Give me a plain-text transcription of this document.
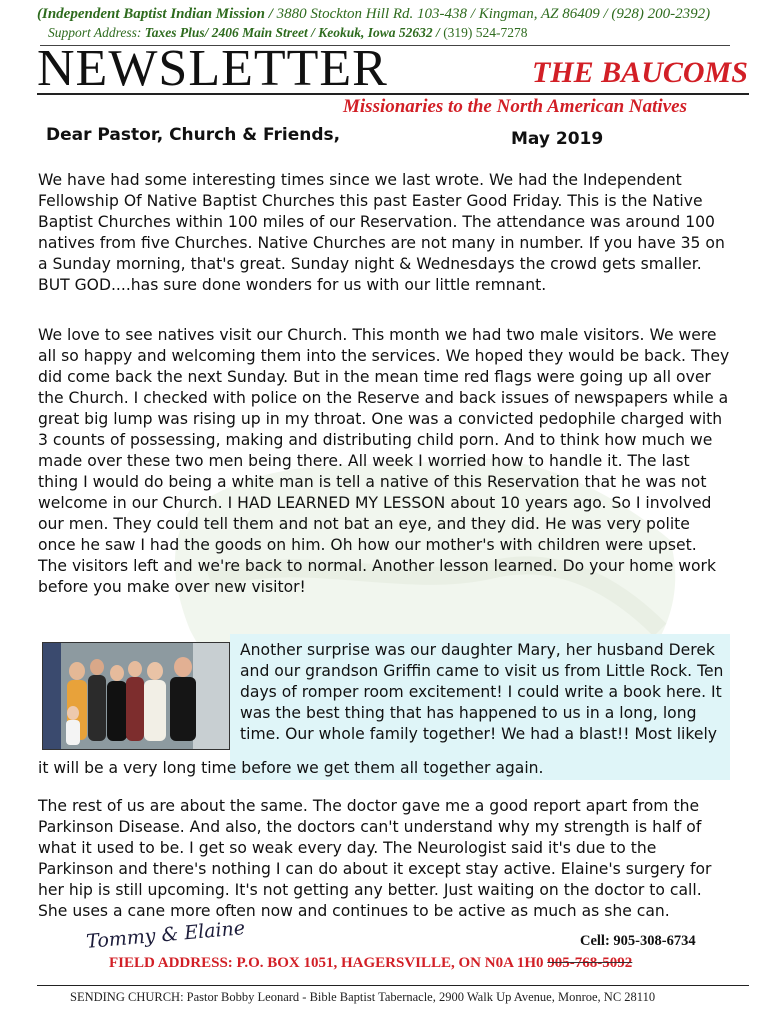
(Independent Baptist Indian Mission / 3880 Stockton Hill Rd. 103-438 / Kingman, AZ 86409 / (928) 200-2392)
Support Address: Taxes Plus/ 2406 Main Street / Keokuk, Iowa 52632 / (319) 524-7278
NEWSLETTER	THE BAUCOMS
Missionaries to the North American Natives
Dear Pastor, Church & Friends,	May 2019
We have had some interesting times since we last wrote. We had the Independent
Fellowship Of Native Baptist Churches this past Easter Good Friday. This is the Native
Baptist Churches within 100 miles of our Reservation. The attendance was around 100
natives from five Churches. Native Churches are not many in number. If you have 35 on
a Sunday morning, that's great. Sunday night & Wednesdays the crowd gets smaller.
BUT GOD....has sure done wonders for us with our little remnant.
We love to see natives visit our Church. This month we had two male visitors. We were
all so happy and welcoming them into the services. We hoped they would be back. They
did come back the next Sunday. But in the mean time red flags were going up all over
the Church. I checked with police on the Reserve and back issues of newspapers while a
great big lump was rising up in my throat. One was a convicted pedophile charged with
3 counts of possessing, making and distributing child porn. And to think how much we
made over these two men being there. All week I worried how to handle it. The last
thing I would do being a white man is tell a native of this Reservation that he was not
welcome in our Church. I HAD LEARNED MY LESSON about 10 years ago. So I involved
our men. They could tell them and not bat an eye, and they did. He was very polite
once he saw I had the goods on him. Oh how our mother's with children were upset.
The visitors left and we're back to normal. Another lesson learned. Do your home work
before you make over new visitor!
Another surprise was our daughter Mary, her husband Derek
and our grandson Griffin came to visit us from Little Rock. Ten
days of romper room excitement! I could write a book here. It
was the best thing that has happened to us in a long, long
time. Our whole family together! We had a blast!! Most likely
it will be a very long time before we get them all together again.
The rest of us are about the same. The doctor gave me a good report apart from the
Parkinson Disease. And also, the doctors can't understand why my strength is half of
what it used to be. I get so weak every day. The Neurologist said it's due to the
Parkinson and there's nothing I can do about it except stay active. Elaine's surgery for
her hip is still upcoming. It's not getting any better. Just waiting on the doctor to call.
She uses a cane more often now and continues to be active as much as she can.
Tommy & Elaine	Cell: 905-308-6734
FIELD ADDRESS: P.O. BOX 1051, HAGERSVILLE, ON N0A 1H0 905-768-5092
SENDING CHURCH: Pastor Bobby Leonard - Bible Baptist Tabernacle, 2900 Walk Up Avenue, Monroe, NC 28110
